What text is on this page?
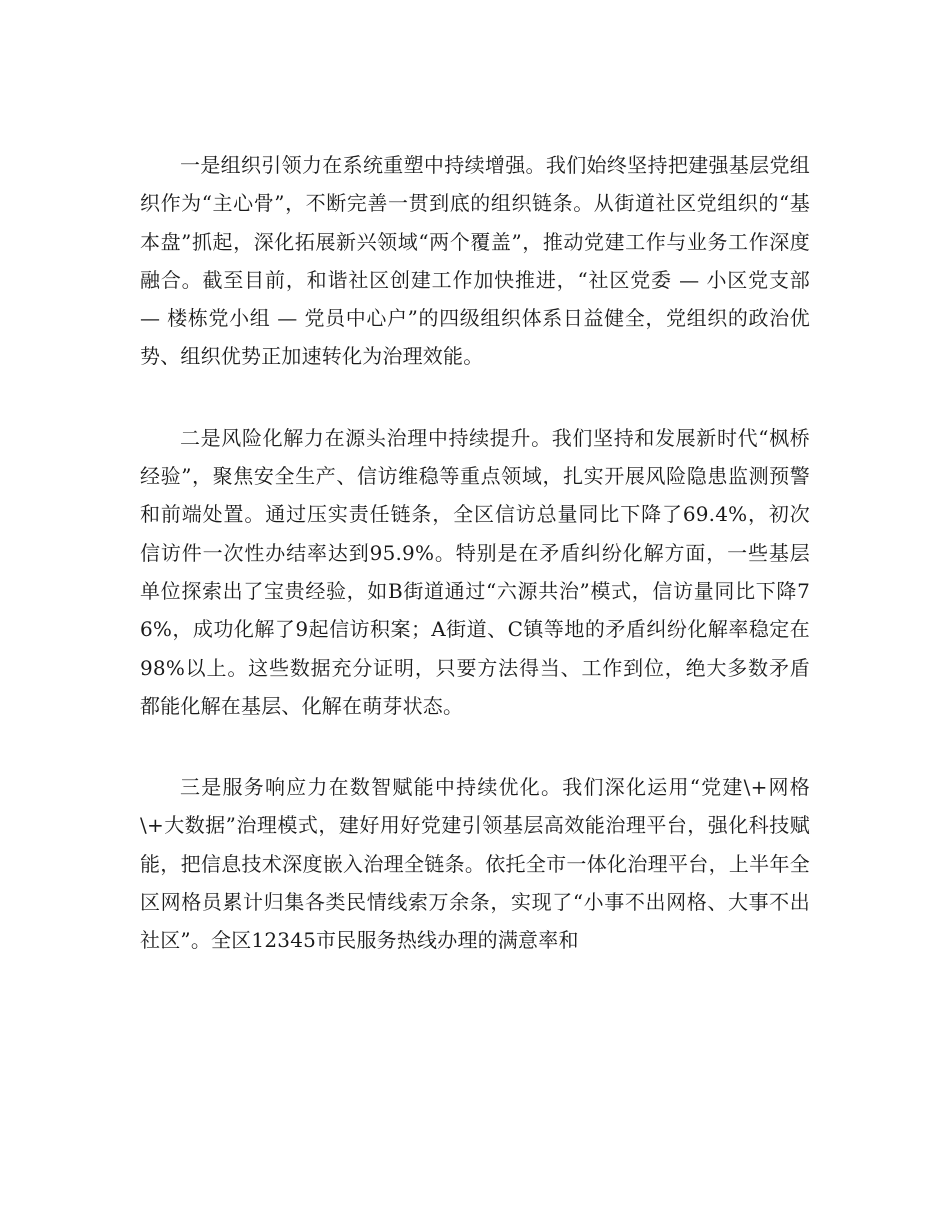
一是组织引领力在系统重塑中持续增强。我们始终坚持把建强基层党组织作为“主心骨”，不断完善一贯到底的组织链条。从街道社区党组织的“基本盘”抓起，深化拓展新兴领域“两个覆盖”，推动党建工作与业务工作深度融合。截至目前，和谐社区创建工作加快推进，“社区党委 — 小区党支部 — 楼栋党小组 — 党员中心户”的四级组织体系日益健全，党组织的政治优势、组织优势正加速转化为治理效能。

二是风险化解力在源头治理中持续提升。我们坚持和发展新时代“枫桥经验”，聚焦安全生产、信访维稳等重点领域，扎实开展风险隐患监测预警和前端处置。通过压实责任链条，全区信访总量同比下降了69.4%，初次信访件一次性办结率达到95.9%。特别是在矛盾纠纷化解方面，一些基层单位探索出了宝贵经验，如B街道通过“六源共治”模式，信访量同比下降76%，成功化解了9起信访积案；A街道、C镇等地的矛盾纠纷化解率稳定在98%以上。这些数据充分证明，只要方法得当、工作到位，绝大多数矛盾都能化解在基层、化解在萌芽状态。

三是服务响应力在数智赋能中持续优化。我们深化运用“党建\+网格\+大数据”治理模式，建好用好党建引领基层高效能治理平台，强化科技赋能，把信息技术深度嵌入治理全链条。依托全市一体化治理平台，上半年全区网格员累计归集各类民情线索万余条，实现了“小事不出网格、大事不出社区”。全区12345市民服务热线办理的满意率和
